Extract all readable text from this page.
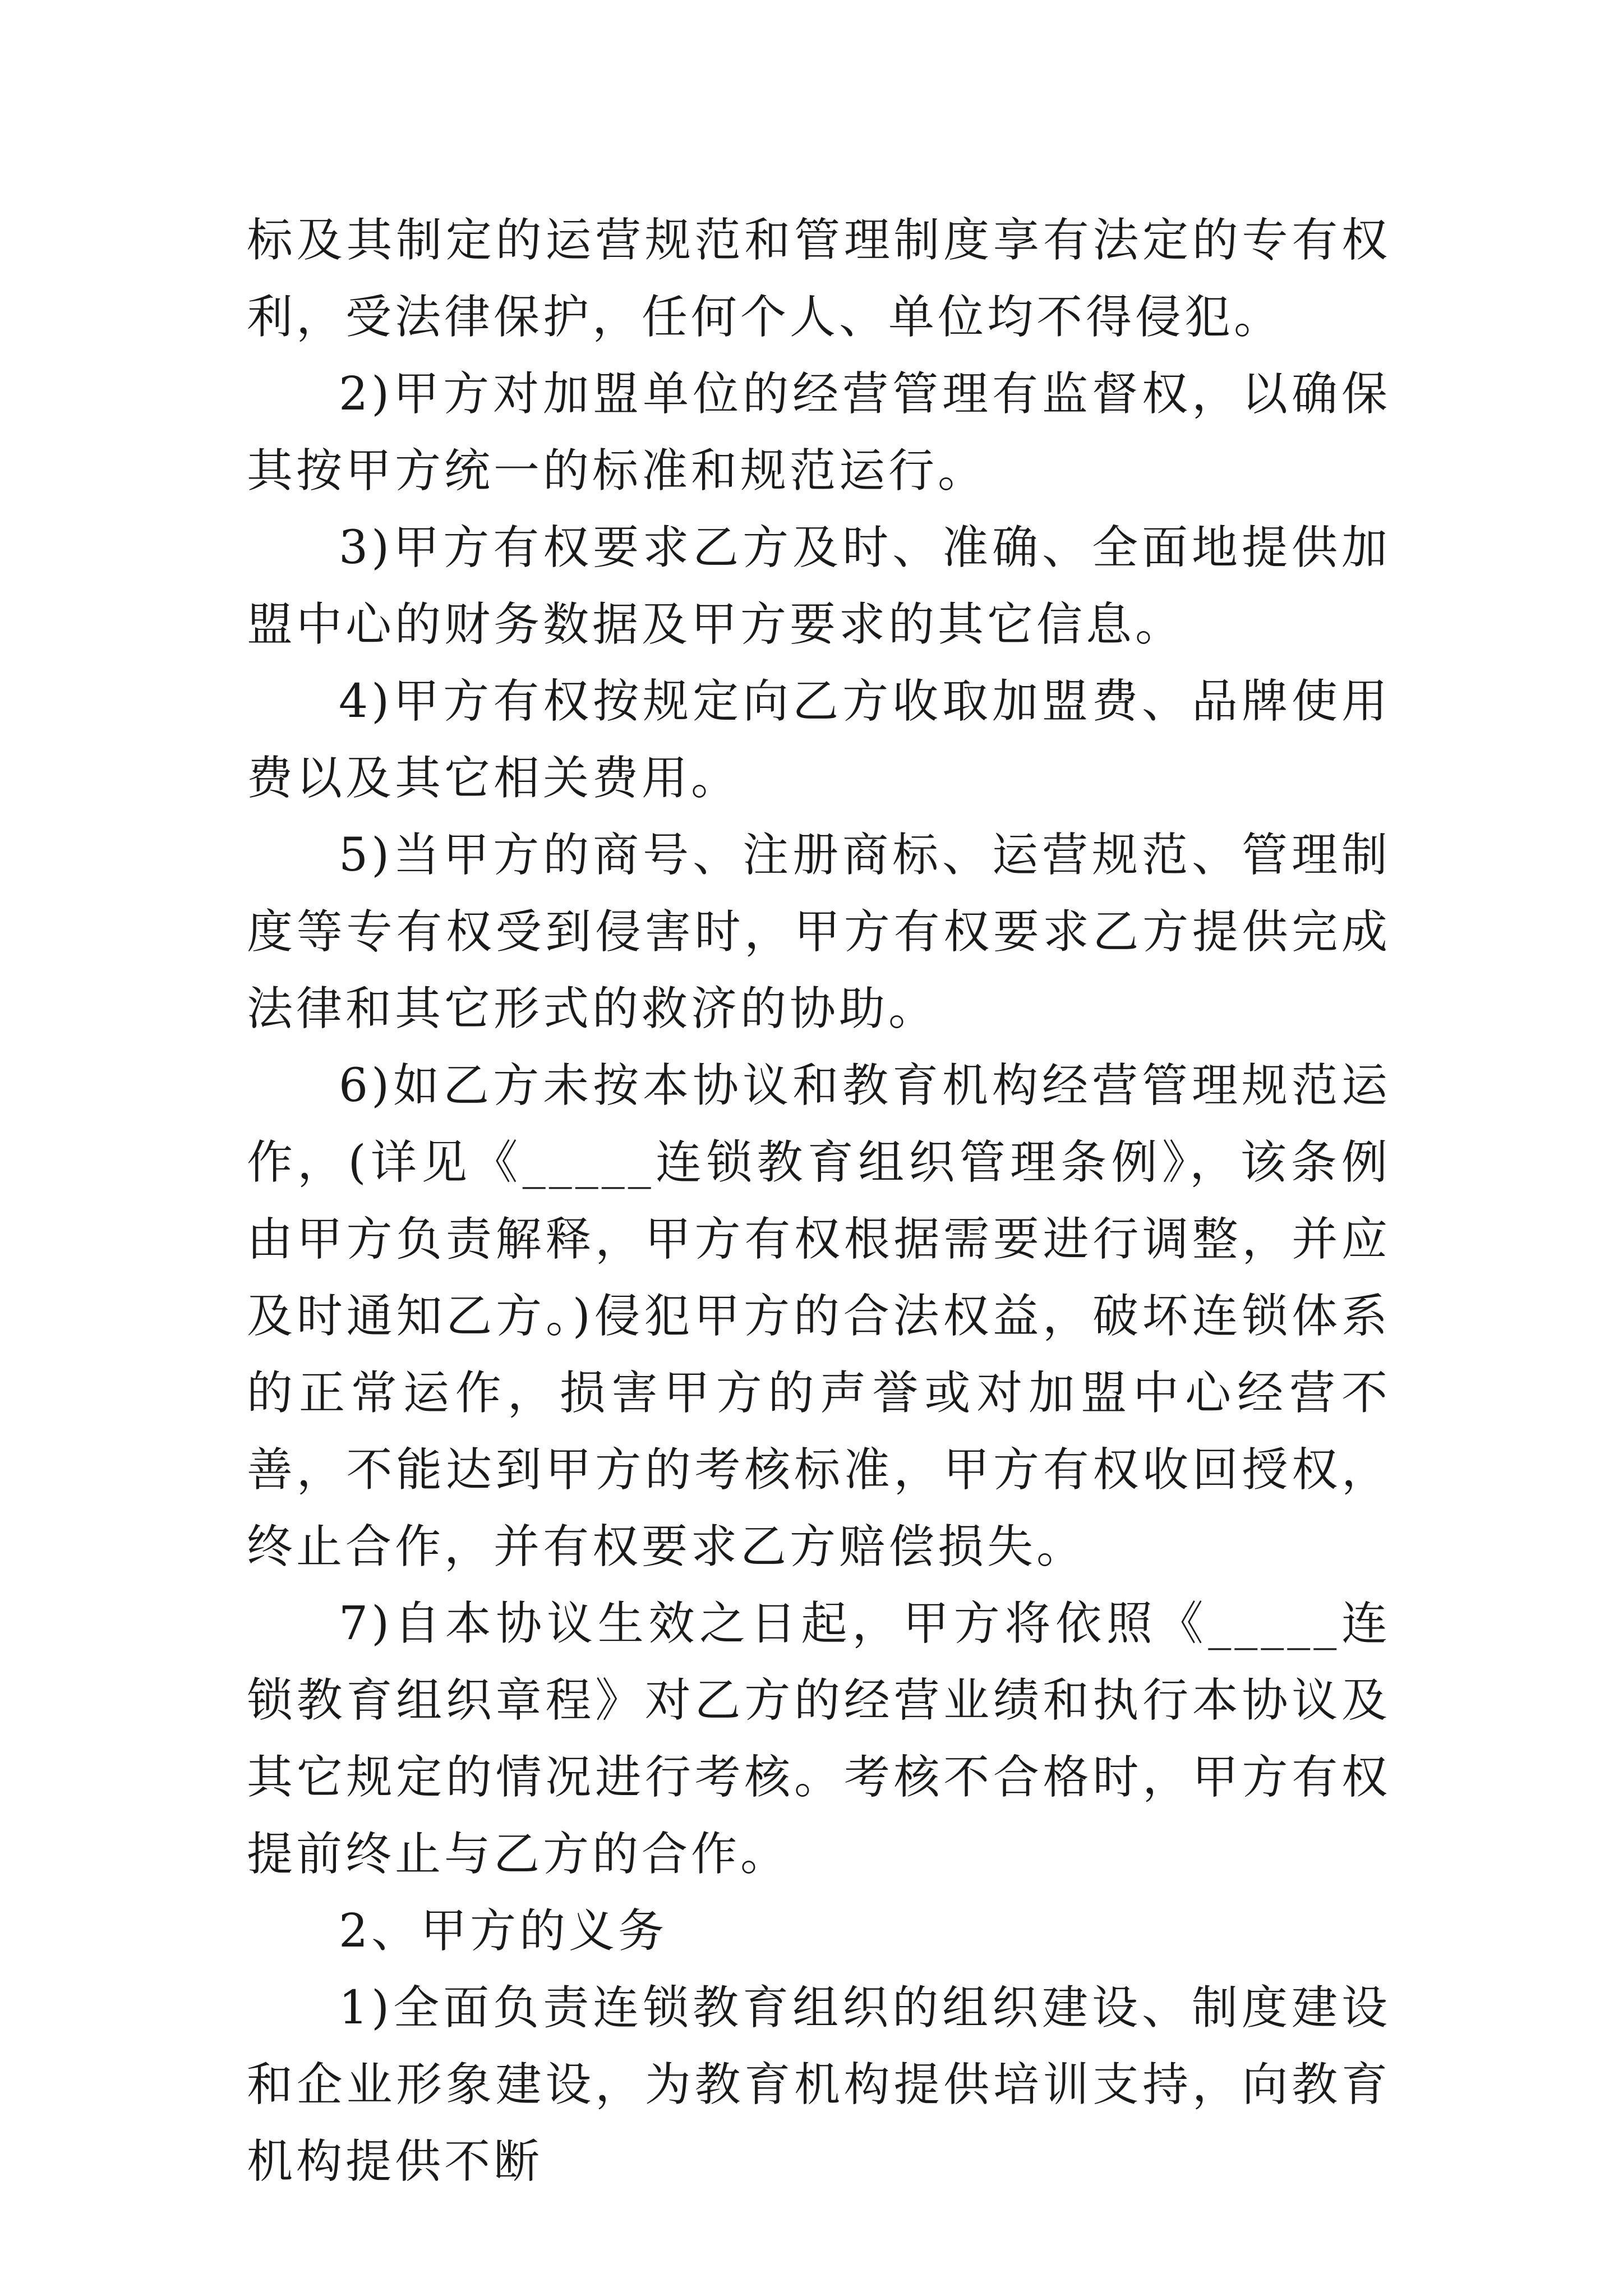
标及其制定的运营规范和管理制度享有法定的专有权利，受法律保护，任何个人、单位均不得侵犯。

2)甲方对加盟单位的经营管理有监督权，以确保其按甲方统一的标准和规范运行。

3)甲方有权要求乙方及时、准确、全面地提供加盟中心的财务数据及甲方要求的其它信息。

4)甲方有权按规定向乙方收取加盟费、品牌使用费以及其它相关费用。

5)当甲方的商号、注册商标、运营规范、管理制度等专有权受到侵害时，甲方有权要求乙方提供完成法律和其它形式的救济的协助。

6)如乙方未按本协议和教育机构经营管理规范运作，(详见《_____连锁教育组织管理条例》，该条例由甲方负责解释，甲方有权根据需要进行调整，并应及时通知乙方。)侵犯甲方的合法权益，破坏连锁体系的正常运作，损害甲方的声誉或对加盟中心经营不善，不能达到甲方的考核标准，甲方有权收回授权，终止合作，并有权要求乙方赔偿损失。

7)自本协议生效之日起，甲方将依照《_____连锁教育组织章程》对乙方的经营业绩和执行本协议及其它规定的情况进行考核。考核不合格时，甲方有权提前终止与乙方的合作。

2、甲方的义务

1)全面负责连锁教育组织的组织建设、制度建设和企业形象建设，为教育机构提供培训支持，向教育机构提供不断
